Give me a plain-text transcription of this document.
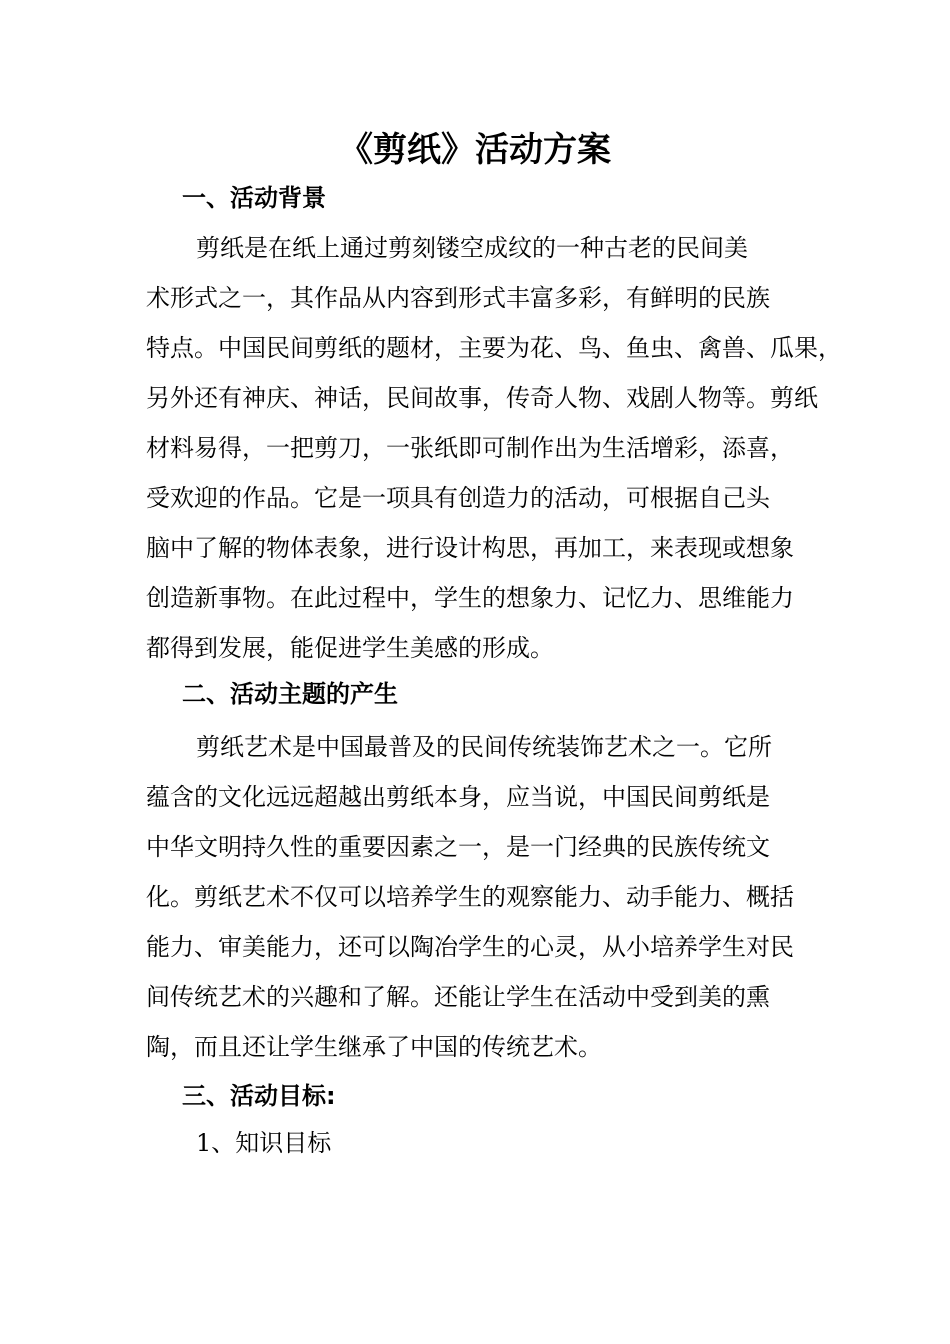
《剪纸》活动方案
一、活动背景
剪纸是在纸上通过剪刻镂空成纹的一种古老的民间美
术形式之一，其作品从内容到形式丰富多彩，有鲜明的民族
特点。中国民间剪纸的题材，主要为花、鸟、鱼虫、禽兽、瓜果，
另外还有神庆、神话，民间故事，传奇人物、戏剧人物等。剪纸
材料易得，一把剪刀，一张纸即可制作出为生活增彩，添喜，
受欢迎的作品。它是一项具有创造力的活动，可根据自己头
脑中了解的物体表象，进行设计构思，再加工，来表现或想象
创造新事物。在此过程中，学生的想象力、记忆力、思维能力
都得到发展，能促进学生美感的形成。
二、活动主题的产生
剪纸艺术是中国最普及的民间传统装饰艺术之一。它所
蕴含的文化远远超越出剪纸本身，应当说，中国民间剪纸是
中华文明持久性的重要因素之一，是一门经典的民族传统文
化。剪纸艺术不仅可以培养学生的观察能力、动手能力、概括
能力、审美能力，还可以陶冶学生的心灵，从小培养学生对民
间传统艺术的兴趣和了解。还能让学生在活动中受到美的熏
陶，而且还让学生继承了中国的传统艺术。
三、活动目标:
1、知识目标
